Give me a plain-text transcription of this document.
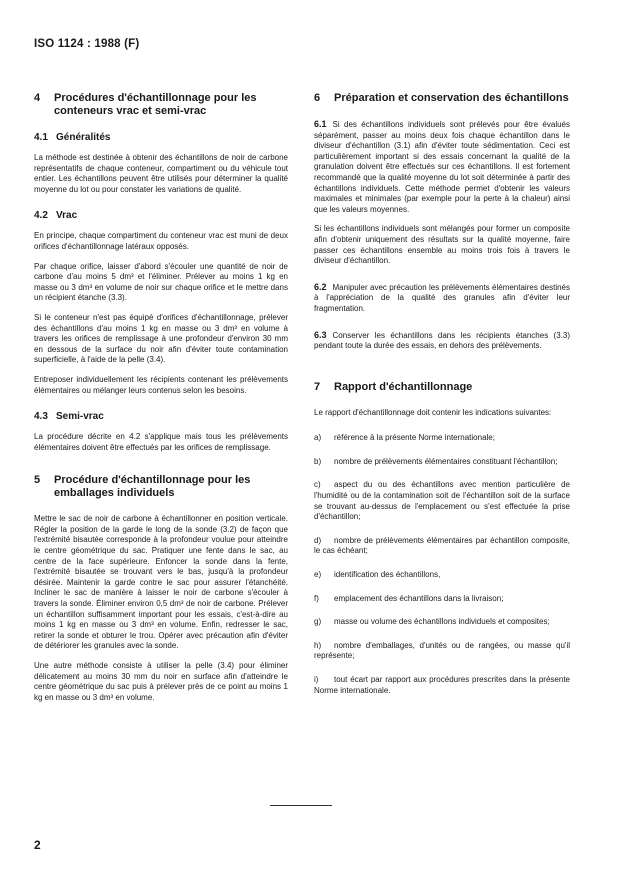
ISO 1124 : 1988 (F)
4	Procédures d'échantillonnage pour les conteneurs vrac et semi-vrac
4.1 Généralités

La méthode est destinée à obtenir des échantillons de noir de carbone représentatifs de chaque conteneur, compartiment ou du véhicule tout entier. Les échantillons peuvent être utilisés pour déterminer la qualité moyenne du lot ou pour constater les variations de qualité.

4.2 Vrac

En principe, chaque compartiment du conteneur vrac est muni de deux orifices d'échantillonnage latéraux opposés.

Par chaque orifice, laisser d'abord s'écouler une quantité de noir de carbone d'au moins 5 dm³ et l'éliminer. Prélever au moins 1 kg en masse ou 3 dm³ en volume de noir sur chaque orifice et le mettre dans un récipient étanche (3.3).

Si le conteneur n'est pas équipé d'orifices d'échantillonnage, prélever des échantillons d'au moins 1 kg en masse ou 3 dm³ en volume à travers les orifices de remplissage à une profondeur d'environ 30 mm en dessous de la surface du noir afin d'éviter toute contamination superficielle, à l'aide de la pelle (3.4).

Entreposer individuellement les récipients contenant les prélèvements élémentaires ou mélanger leurs contenus selon les besoins.

4.3 Semi-vrac

La procédure décrite en 4.2 s'applique mais tous les prélèvements élémentaires doivent être effectués par les orifices de remplissage.

5	Procédure d'échantillonnage pour les emballages individuels

Mettre le sac de noir de carbone à échantillonner en position verticale. Régler la position de la garde le long de la sonde (3.2) de façon que l'extrémité bisautée corresponde à la profondeur voulue pour atteindre le centre géométrique du sac. Pratiquer une fente dans le sac, au centre de la face supérieure. Enfoncer la sonde dans la fente, l'extrémité bisautée se trouvant vers le bas, jusqu'à la profondeur désirée. Maintenir la garde contre le sac pour assurer l'étanchéité. Incliner le sac de manière à laisser le noir de carbone s'écouler à travers la sonde. Éliminer environ 0,5 dm³ de noir de carbone. Prélever un échantillon suffisamment important pour les essais, c'est-à-dire au moins 1 kg en masse ou 3 dm³ en volume. Enfin, redresser le sac, retirer la sonde et obturer le trou. Opérer avec précaution afin d'éviter de détériorer les granules avec la sonde.

Une autre méthode consiste à utiliser la pelle (3.4) pour éliminer délicatement au moins 30 mm du noir en surface afin d'atteindre le centre géométrique du sac puis à prélever près de ce point au moins 1 kg en masse ou 3 dm³ en volume.

6	Préparation et conservation des échantillons

6.1 Si des échantillons individuels sont prélevés pour être évalués séparément, passer au moins deux fois chaque échantillon dans le diviseur d'échantillon (3.1) afin d'éviter toute sédimentation. Ceci est particulièrement important si des essais concernant la qualité de la granulation doivent être effectués sur ces échantillons. Il est fortement recommandé que la qualité moyenne du lot soit déterminée à partir des échantillons individuels. Cette méthode permet d'obtenir les valeurs maximales et minimales (par exemple pour la perte à la chaleur) ainsi que les valeurs moyennes.

Si les échantillons individuels sont mélangés pour former un composite afin d'obtenir uniquement des résultats sur la qualité moyenne, faire passer ces échantillons ensemble au moins trois fois à travers le diviseur d'échantillon.

6.2 Manipuler avec précaution les prélèvements élémentaires destinés à l'appréciation de la qualité des granules afin d'éviter leur fragmentation.

6.3 Conserver les échantillons dans les récipients étanches (3.3) pendant toute la durée des essais, en dehors des prélèvements.

7	Rapport d'échantillonnage

Le rapport d'échantillonnage doit contenir les indications suivantes:

a) référence à la présente Norme internationale;

b) nombre de prélèvements élémentaires constituant l'échantillon;

c) aspect du ou des échantillons avec mention particulière de l'humidité ou de la contamination soit de l'échantillon soit de la surface se trouvant au-dessus de l'emplacement ou s'est effectuée la prise d'échantillon;

d) nombre de prélèvements élémentaires par échantillon composite, le cas échéant;

e) identification des échantillons,

f) emplacement des échantillons dans la livraison;

g) masse ou volume des échantillons individuels et composites;

h) nombre d'emballages, d'unités ou de rangées, ou masse qu'il représente;

i) tout écart par rapport aux procédures prescrites dans la présente Norme internationale.

2
